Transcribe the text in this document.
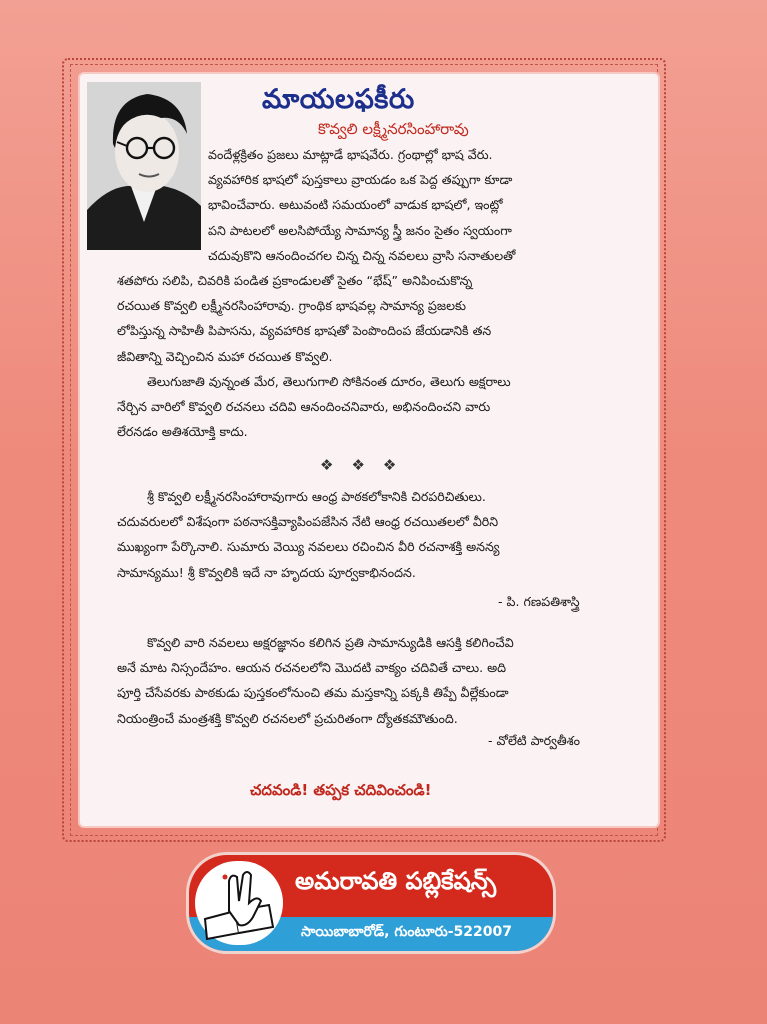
మాయలఫకీరు
కొవ్వలి లక్ష్మీనరసింహారావు

వందేళ్లక్రితం ప్రజలు మాట్లాడే భాషవేరు. గ్రంథాల్లో భాష వేరు.

వ్యవహారిక భాషలో పుస్తకాలు వ్రాయడం ఒక పెద్ద తప్పుగా కూడా

భావించేవారు. అటువంటి సమయంలో వాడుక భాషలో, ఇంట్లో

పని పాటలలో అలసిపోయ్యే సామాన్య స్త్రీ జనం సైతం స్వయంగా

చదువుకొని ఆనందించగల చిన్న చిన్న నవలలు వ్రాసి సనాతులతో

శతపోరు సలిపి, చివరికి పండిత ప్రకాండులతో సైతం “భేష్” అనిపించుకొన్న

రచయిత కొవ్వలి లక్ష్మీనరసింహారావు. గ్రాంథిక భాషవల్ల సామాన్య ప్రజలకు

లోపిస్తున్న సాహితీ పిపాసను, వ్యవహారిక భాషతో పెంపొందింప జేయడానికి తన

జీవితాన్ని వెచ్చించిన మహా రచయిత కొవ్వలి.

తెలుగుజాతి వున్నంత మేర, తెలుగుగాలి సోకినంత దూరం, తెలుగు అక్షరాలు

నేర్చిన వారిలో కొవ్వలి రచనలు చదివి ఆనందించనివారు, అభినందించని వారు

లేరనడం అతిశయోక్తి కాదు.

❖❖❖

శ్రీ కొవ్వలి లక్ష్మీనరసింహారావుగారు ఆంధ్ర పాఠకలోకానికి చిరపరిచితులు.

చదువరులలో విశేషంగా పఠనాసక్తివ్యాపింపజేసిన నేటి ఆంధ్ర రచయితలలో వీరిని

ముఖ్యంగా పేర్కొనాలి. సుమారు వెయ్యి నవలలు రచించిన వీరి రచనాశక్తి అనన్య

సామాన్యము! శ్రీ కొవ్వలికి ఇదే నా హృదయ పూర్వకాభినందన.

- పి. గణపతిశాస్త్రి

కొవ్వలి వారి నవలలు అక్షరజ్ఞానం కలిగిన ప్రతి సామాన్యుడికి ఆసక్తి కలిగించేవి

అనే మాట నిస్సందేహం. ఆయన రచనలలోని మొదటి వాక్యం చదివితే చాలు. అది

పూర్తి చేసేవరకు పాఠకుడు పుస్తకంలోనుంచి తమ మస్తకాన్ని పక్కకి తిప్పే వీల్లేకుండా

నియంత్రించే మంత్రశక్తి కొవ్వలి రచనలలో ప్రచురితంగా ద్యోతకమౌతుంది.

- వోలేటి పార్వతీశం
చదవండి! తప్పక చదివించండి!
అమరావతి పబ్లికేషన్స్
సాయిబాబారోడ్, గుంటూరు-522007
